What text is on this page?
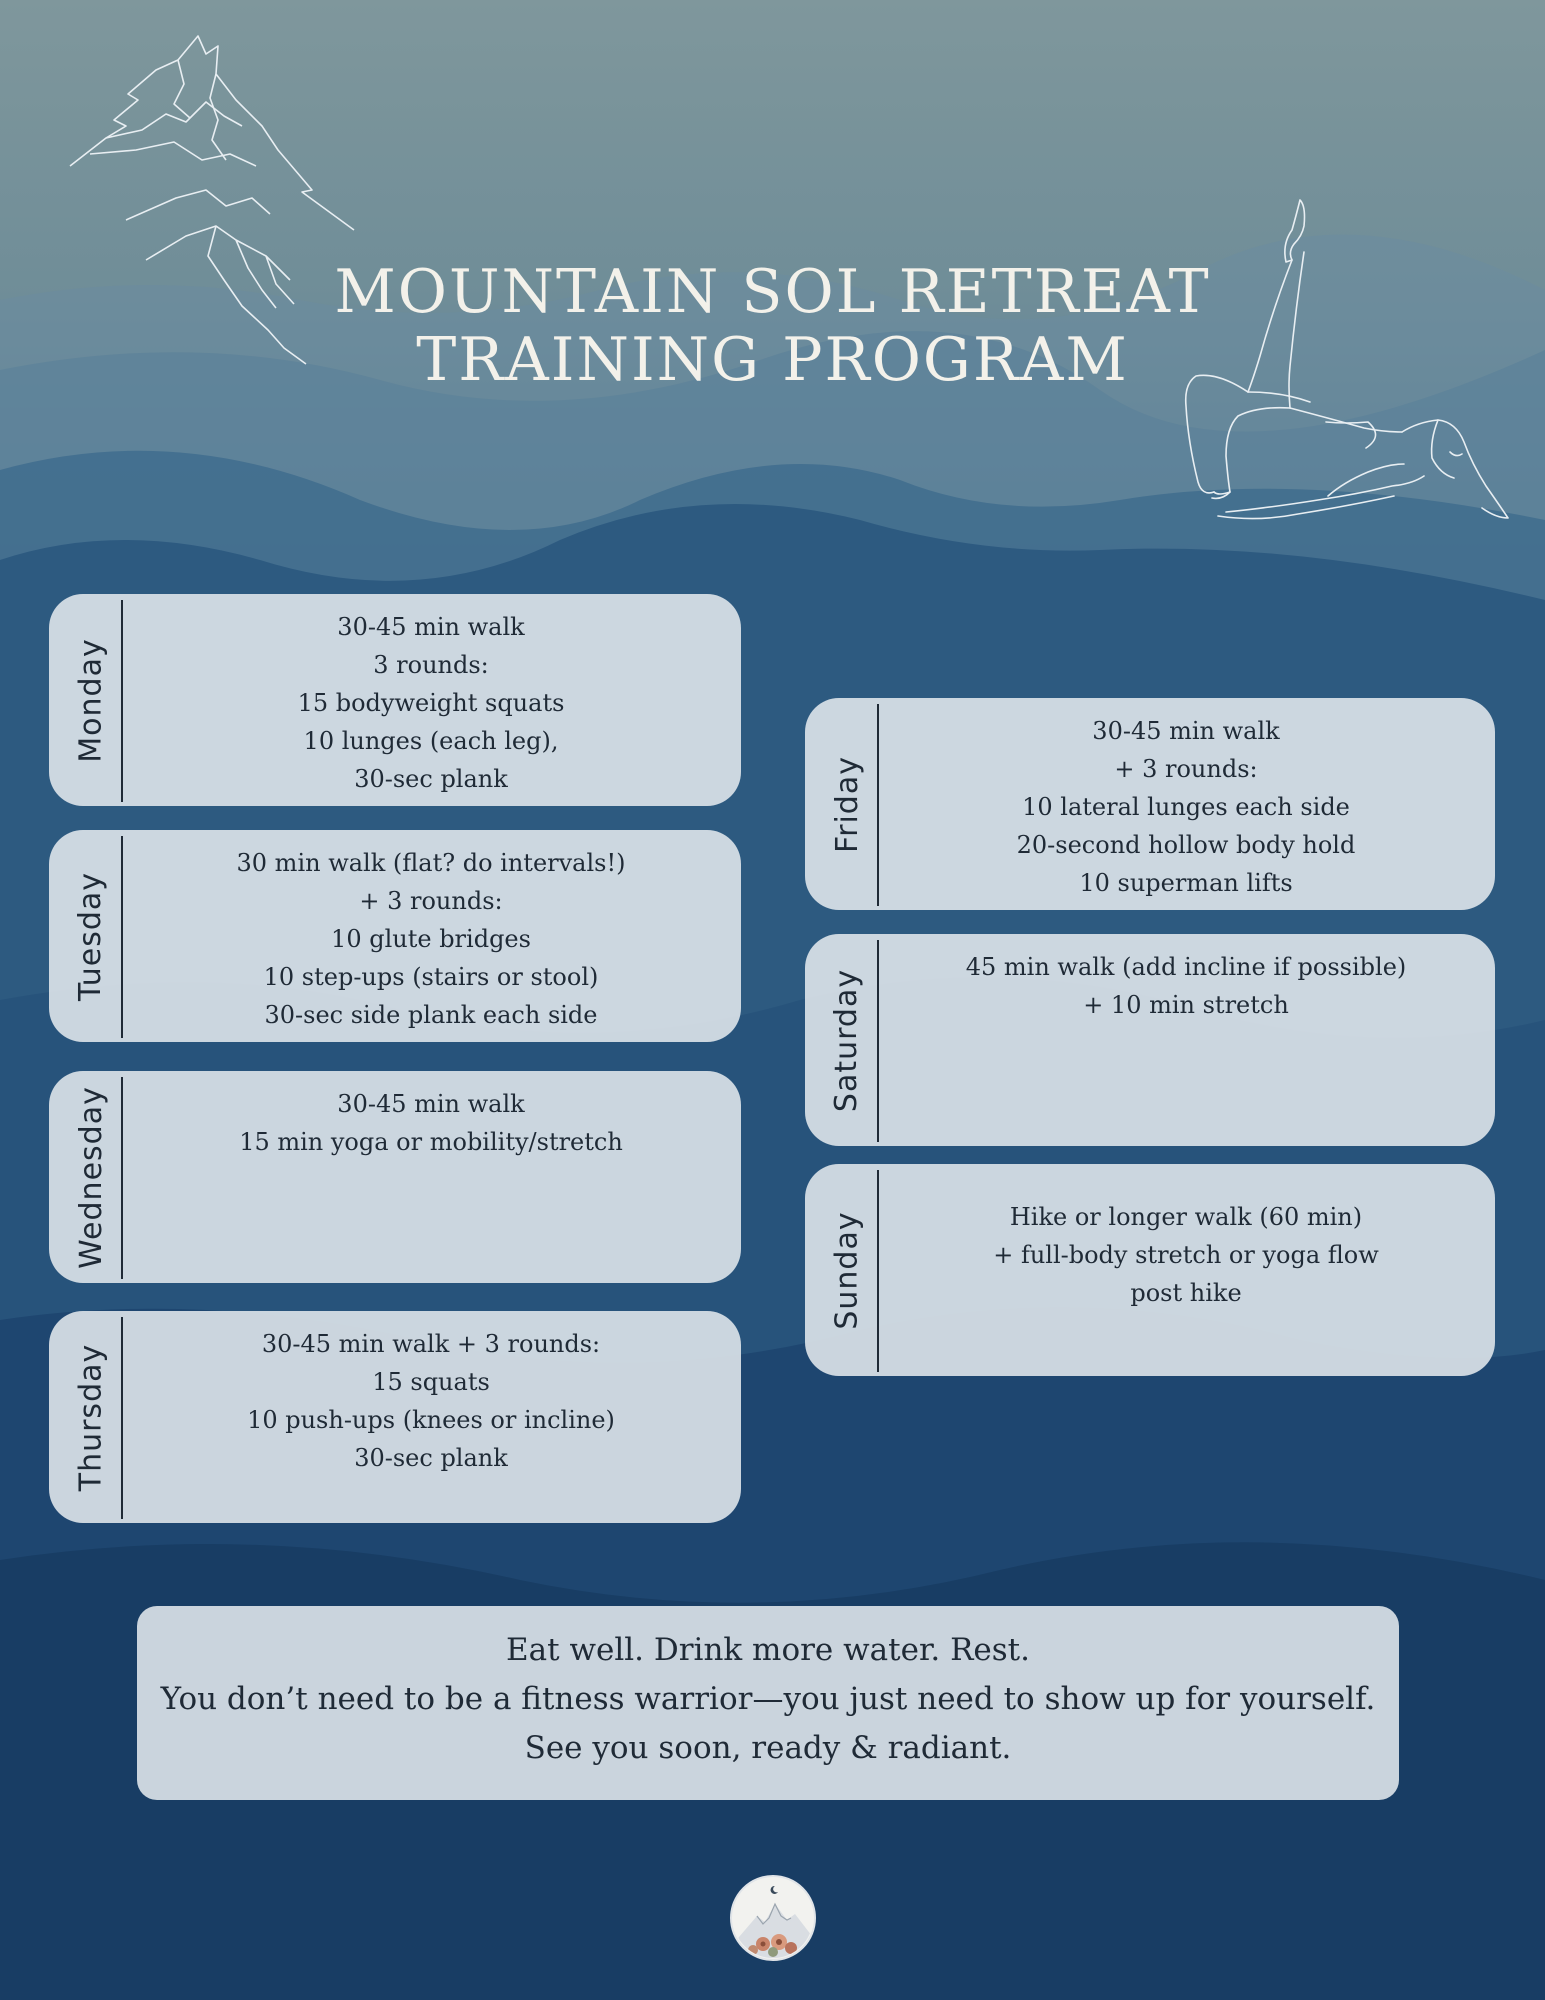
MOUNTAIN SOL RETREAT
TRAINING PROGRAM
Monday
30-45 min walk
3 rounds:
15 bodyweight squats
10 lunges (each leg),
30-sec plank
Tuesday
30 min walk (flat? do intervals!)
+ 3 rounds:
10 glute bridges
10 step-ups (stairs or stool)
30-sec side plank each side
Wednesday	30-45 min walk
15 min yoga or mobility/stretch
Thursday	30-45 min walk + 3 rounds:
15 squats
10 push-ups (knees or incline)
30-sec plank
Friday
30-45 min walk
+ 3 rounds:
10 lateral lunges each side
20-second hollow body hold
10 superman lifts
Saturday
45 min walk (add incline if possible)
+ 10 min stretch
Sunday	Hike or longer walk (60 min)
+ full-body stretch or yoga flow
post hike
Eat well. Drink more water. Rest.
You don’t need to be a fitness warrior—you just need to show up for yourself.
See you soon, ready & radiant.
